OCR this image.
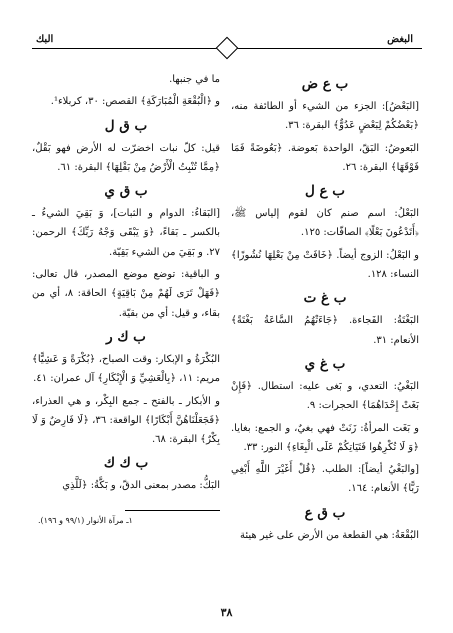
البغض
البك
ب ع ض

[البَعْضُ]: الجزء من الشيء أو الطائفة منه، ﴿بَعْضُكُمْ لِبَعْضٍ عَدُوٌّ﴾ البقرة: ٣٦.

البَعوضُ: البَقّ، الواحدة بَعوضة. ﴿بَعُوضَةً فَمَا فَوْقَهَا﴾ البقرة: ٢٦.

ب ع ل

البَعْلُ: اسم صنم كان لقوم إلياس ﷺ، ﴿أَتَدْعُونَ بَعْلًا﴾ الصافّات: ١٢٥.

و البَعْلُ: الزوج أيضاً. ﴿خَافَتْ مِنْ بَعْلِهَا نُشُوزًا﴾ النساء: ١٢٨.

ب غ ت

البَغْتَةُ: الفَجاءة. ﴿جَاءَتْهُمُ السَّاعَةُ بَغْتَةً﴾ الأنعام: ٣١.

ب غ ي

البَغْيُ: التعدي، و بَغى عليه: استطال. ﴿فَإِنْ بَغَتْ إِحْدَاهُمَا﴾ الحجرات: ٩.

و بَغَت المرأةُ: زَنَتْ فهي بغيٌ، و الجمع: بغايا. ﴿وَ لَا تُكْرِهُوا فَتَيَاتِكُمْ عَلَى الْبِغَاءِ﴾ النور: ٣٣.

[والبَغْيُ أيضاً]: الطلب. ﴿قُلْ أَغَيْرَ اللَّهِ أَبْغِي رَبًّا﴾ الأنعام: ١٦٤.

ب ق ع

البُقْعَةُ: هي القطعة من الأرض على غير هيئة

ما في جنبها.

و ﴿الْبُقْعَةِ الْمُبَارَكَةِ﴾ القصص: ٣٠، كربلاء¹.

ب ق ل

قيل: كلّ نبات اخضرّت له الأرض فهو بَقْلٌ، ﴿مِمَّا تُنْبِتُ الْأَرْضُ مِنْ بَقْلِهَا﴾ البقرة: ٦١.

ب ق ي

[البَقاءُ: الدوام و الثبات]، وَ بَقِيَ الشيءُ ـ بالكسر ـ بَقاءً، ﴿وَ يَبْقَى وَجْهُ رَبِّكَ﴾ الرحمن: ٢٧. و بَقِيَ من الشيء بَقِيّة.

و الباقية: توضع موضع المصدر، قال تعالى: ﴿فَهَلْ تَرَى لَهُمْ مِنْ بَاقِيَةٍ﴾ الحاقة: ٨، أي من بقاء، و قيل: أي من بقيّة.

ب ك ر

البُكْرَةُ و الإبكار: وقت الصباح، ﴿بُكْرَةً وَ عَشِيًّا﴾ مريم: ١١، ﴿بِالْعَشِيِّ وَ الْإِبْكَارِ﴾ آل عمران: ٤١.

و الأبكار ـ بالفتح ـ جمع البِكْر، و هي العذراء، ﴿فَجَعَلْنَاهُنَّ أَبْكَارًا﴾ الواقعة: ٣٦، ﴿لَا فَارِضٌ وَ لَا بِكْرٌ﴾ البقرة: ٦٨.

ب ك ك

البَكُّ: مصدر بمعنى الدقّ، و بَكَّةُ: ﴿لَلَّذِي

١ـ مرآة الأنوار (٩٩/١ و ١٩٦).
٣٨
